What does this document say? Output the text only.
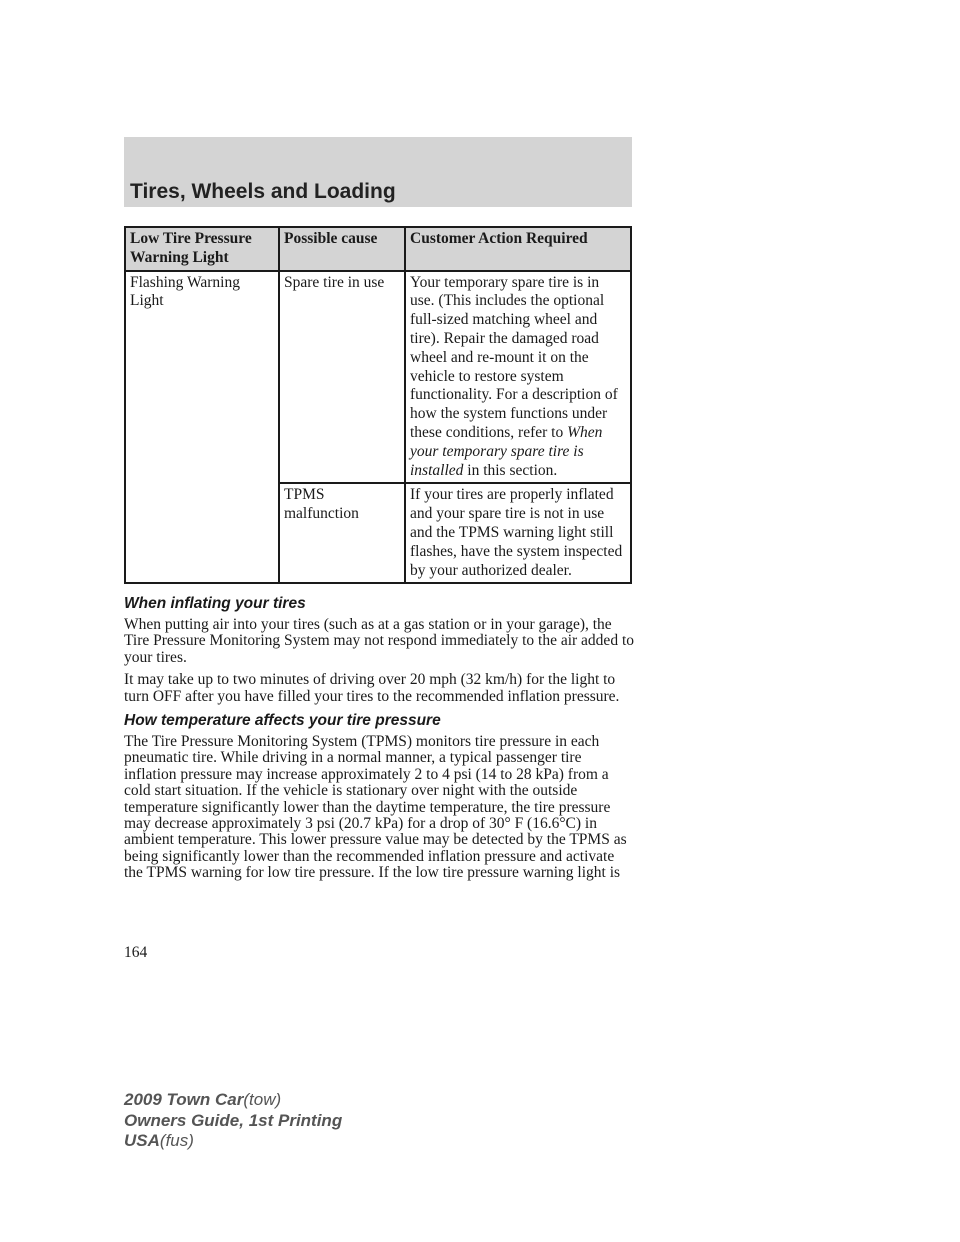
Tires, Wheels and Loading
Low Tire Pressure Warning Light	Possible cause	Customer Action Required
Flashing Warning Light	Spare tire in use	Your temporary spare tire is in use. (This includes the optional full-sized matching wheel and tire). Repair the damaged road wheel and re-mount it on the vehicle to restore system functionality. For a description of how the system functions under these conditions, refer to When your temporary spare tire is installed in this section.
	TPMS malfunction	If your tires are properly inflated and your spare tire is not in use and the TPMS warning light still flashes, have the system inspected by your authorized dealer.
When inflating your tires

When putting air into your tires (such as at a gas station or in your garage), the Tire Pressure Monitoring System may not respond immediately to the air added to your tires.

It may take up to two minutes of driving over 20 mph (32 km/h) for the light to turn OFF after you have filled your tires to the recommended inflation pressure.

How temperature affects your tire pressure

The Tire Pressure Monitoring System (TPMS) monitors tire pressure in each pneumatic tire. While driving in a normal manner, a typical passenger tire inflation pressure may increase approximately 2 to 4 psi (14 to 28 kPa) from a cold start situation. If the vehicle is stationary over night with the outside temperature significantly lower than the daytime temperature, the tire pressure may decrease approximately 3 psi (20.7 kPa) for a drop of 30° F (16.6°C) in ambient temperature. This lower pressure value may be detected by the TPMS as being significantly lower than the recommended inflation pressure and activate the TPMS warning for low tire pressure. If the low tire pressure warning light is

164

2009 Town Car(tow)
Owners Guide, 1st Printing
USA(fus)
